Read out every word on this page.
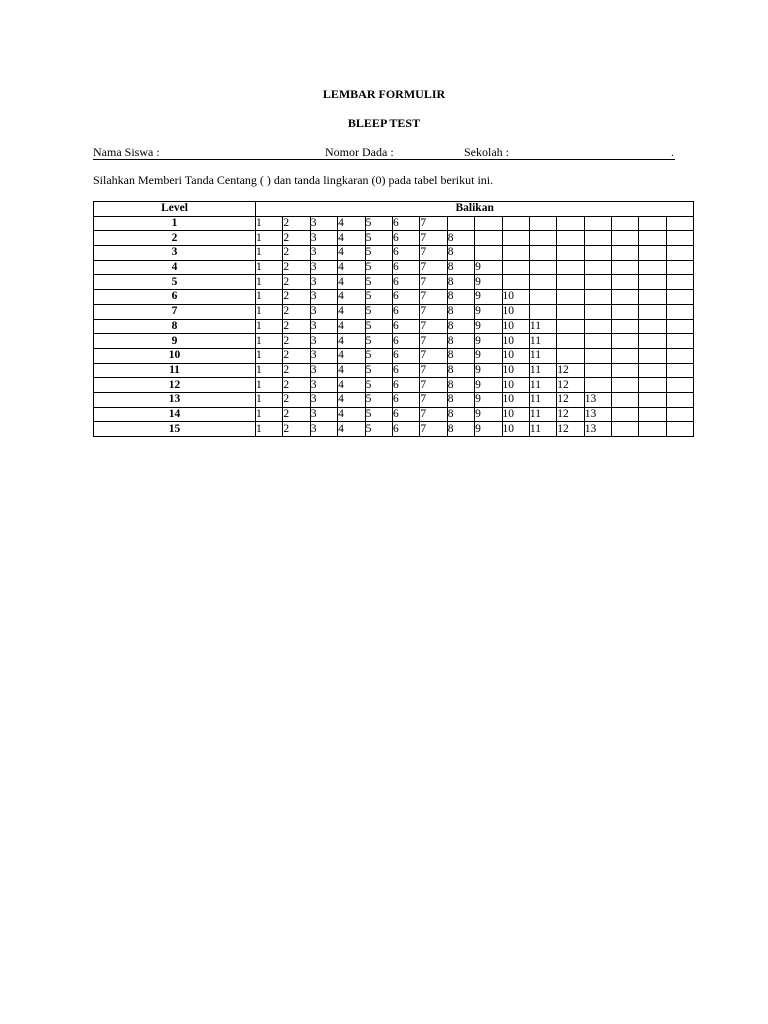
LEMBAR FORMULIR
BLEEP TEST
Nama Siswa :	Nomor Dada :	Sekolah :	.
Silahkan Memberi Tanda Centang ( ) dan tanda lingkaran (0) pada tabel berikut ini.
Level	Balikan															
1	1	2	3	4	5	6	7									
2	1	2	3	4	5	6	7	8								
3	1	2	3	4	5	6	7	8								
4	1	2	3	4	5	6	7	8	9							
5	1	2	3	4	5	6	7	8	9							
6	1	2	3	4	5	6	7	8	9	10						
7	1	2	3	4	5	6	7	8	9	10						
8	1	2	3	4	5	6	7	8	9	10	11					
9	1	2	3	4	5	6	7	8	9	10	11					
10	1	2	3	4	5	6	7	8	9	10	11					
11	1	2	3	4	5	6	7	8	9	10	11	12				
12	1	2	3	4	5	6	7	8	9	10	11	12				
13	1	2	3	4	5	6	7	8	9	10	11	12	13			
14	1	2	3	4	5	6	7	8	9	10	11	12	13			
15	1	2	3	4	5	6	7	8	9	10	11	12	13			
